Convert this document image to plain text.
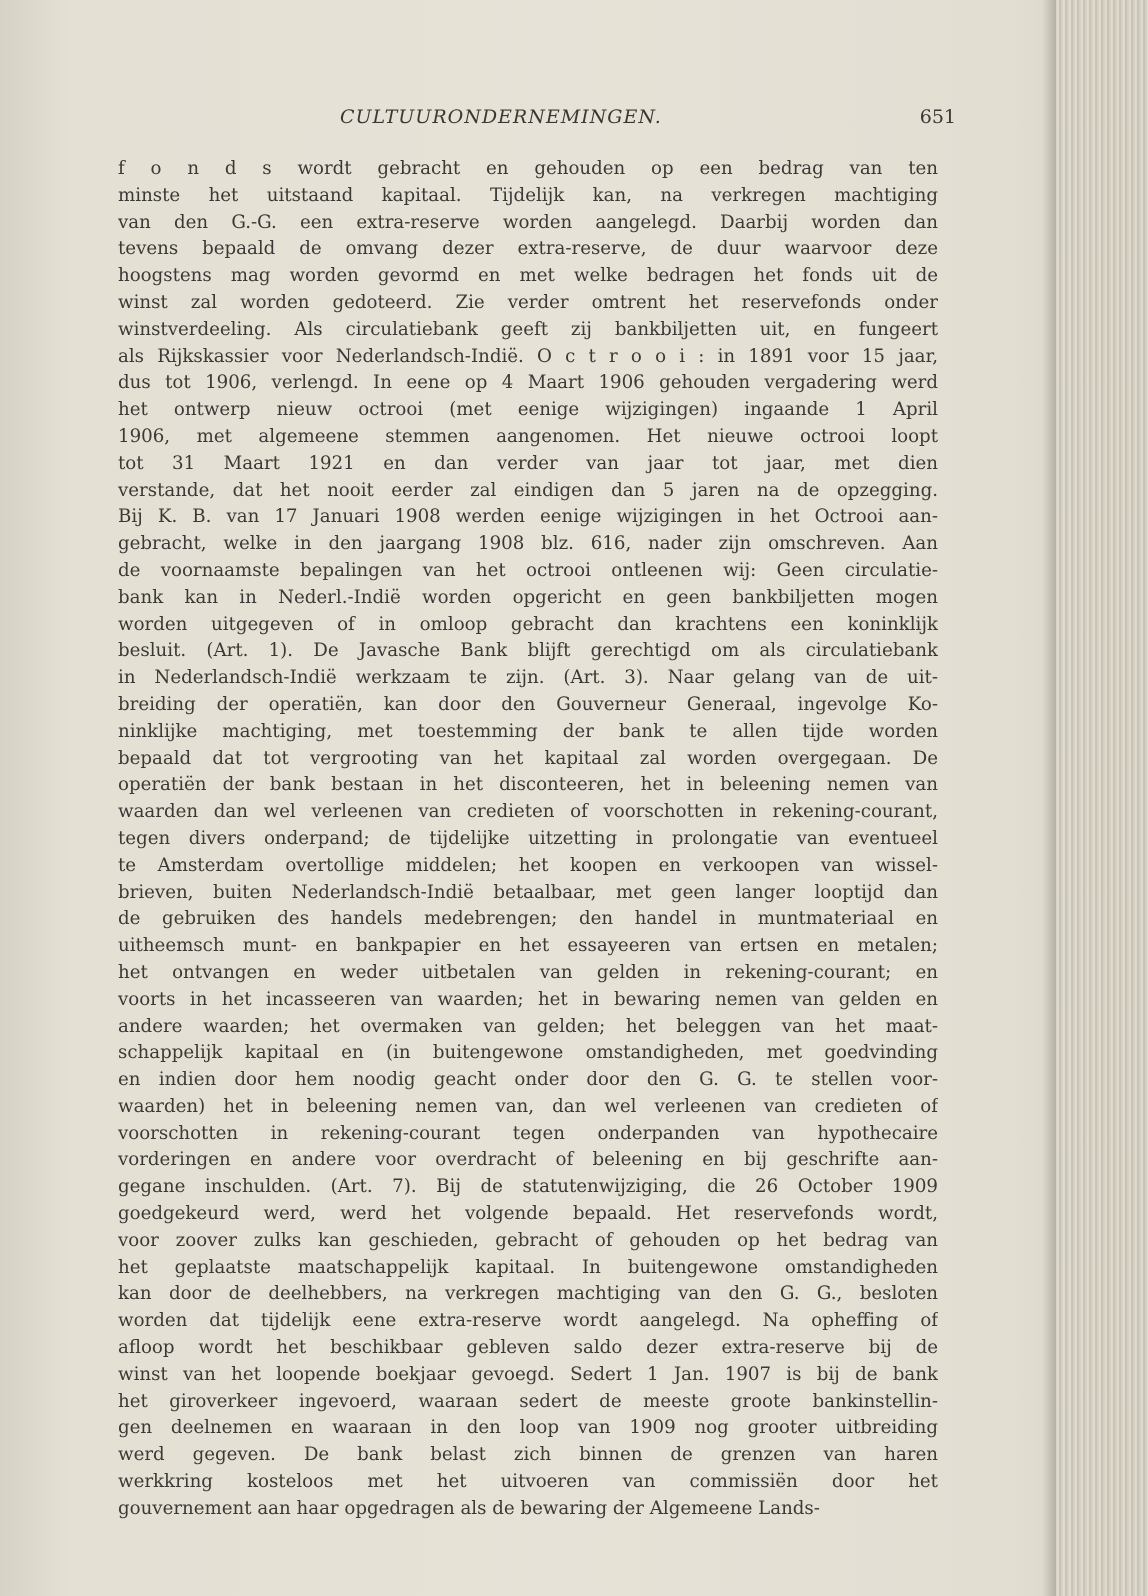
CULTUURONDERNEMINGEN.	651
f o n d s wordt gebracht en gehouden op een bedrag van ten
minste het uitstaand kapitaal. Tijdelijk kan, na verkregen machtiging
van den G.-G. een extra-reserve worden aangelegd. Daarbij worden dan
tevens bepaald de omvang dezer extra-reserve, de duur waarvoor deze
hoogstens mag worden gevormd en met welke bedragen het fonds uit de
winst zal worden gedoteerd. Zie verder omtrent het reservefonds onder
winstverdeeling. Als circulatiebank geeft zij bankbiljetten uit, en fungeert
als Rijkskassier voor Nederlandsch-Indië. O c t r o o i : in 1891 voor 15 jaar,
dus tot 1906, verlengd. In eene op 4 Maart 1906 gehouden vergadering werd
het ontwerp nieuw octrooi (met eenige wijzigingen) ingaande 1 April
1906, met algemeene stemmen aangenomen. Het nieuwe octrooi loopt
tot 31 Maart 1921 en dan verder van jaar tot jaar, met dien
verstande, dat het nooit eerder zal eindigen dan 5 jaren na de opzegging.
Bij K. B. van 17 Januari 1908 werden eenige wijzigingen in het Octrooi aan-
gebracht, welke in den jaargang 1908 blz. 616, nader zijn omschreven. Aan
de voornaamste bepalingen van het octrooi ontleenen wij: Geen circulatie-
bank kan in Nederl.-Indië worden opgericht en geen bankbiljetten mogen
worden uitgegeven of in omloop gebracht dan krachtens een koninklijk
besluit. (Art. 1). De Javasche Bank blijft gerechtigd om als circulatiebank
in Nederlandsch-Indië werkzaam te zijn. (Art. 3). Naar gelang van de uit-
breiding der operatiën, kan door den Gouverneur Generaal, ingevolge Ko-
ninklijke machtiging, met toestemming der bank te allen tijde worden
bepaald dat tot vergrooting van het kapitaal zal worden overgegaan. De
operatiën der bank bestaan in het disconteeren, het in beleening nemen van
waarden dan wel verleenen van credieten of voorschotten in rekening-courant,
tegen divers onderpand; de tijdelijke uitzetting in prolongatie van eventueel
te Amsterdam overtollige middelen; het koopen en verkoopen van wissel-
brieven, buiten Nederlandsch-Indië betaalbaar, met geen langer looptijd dan
de gebruiken des handels medebrengen; den handel in muntmateriaal en
uitheemsch munt- en bankpapier en het essayeeren van ertsen en metalen;
het ontvangen en weder uitbetalen van gelden in rekening-courant; en
voorts in het incasseeren van waarden; het in bewaring nemen van gelden en
andere waarden; het overmaken van gelden; het beleggen van het maat-
schappelijk kapitaal en (in buitengewone omstandigheden, met goedvinding
en indien door hem noodig geacht onder door den G. G. te stellen voor-
waarden) het in beleening nemen van, dan wel verleenen van credieten of
voorschotten in rekening-courant tegen onderpanden van hypothecaire
vorderingen en andere voor overdracht of beleening en bij geschrifte aan-
gegane inschulden. (Art. 7). Bij de statutenwijziging, die 26 October 1909
goedgekeurd werd, werd het volgende bepaald. Het reservefonds wordt,
voor zoover zulks kan geschieden, gebracht of gehouden op het bedrag van
het geplaatste maatschappelijk kapitaal. In buitengewone omstandigheden
kan door de deelhebbers, na verkregen machtiging van den G. G., besloten
worden dat tijdelijk eene extra-reserve wordt aangelegd. Na opheffing of
afloop wordt het beschikbaar gebleven saldo dezer extra-reserve bij de
winst van het loopende boekjaar gevoegd. Sedert 1 Jan. 1907 is bij de bank
het giroverkeer ingevoerd, waaraan sedert de meeste groote bankinstellin-
gen deelnemen en waaraan in den loop van 1909 nog grooter uitbreiding
werd gegeven. De bank belast zich binnen de grenzen van haren
werkkring kosteloos met het uitvoeren van commissiën door het
gouvernement aan haar opgedragen als de bewaring der Algemeene Lands-
